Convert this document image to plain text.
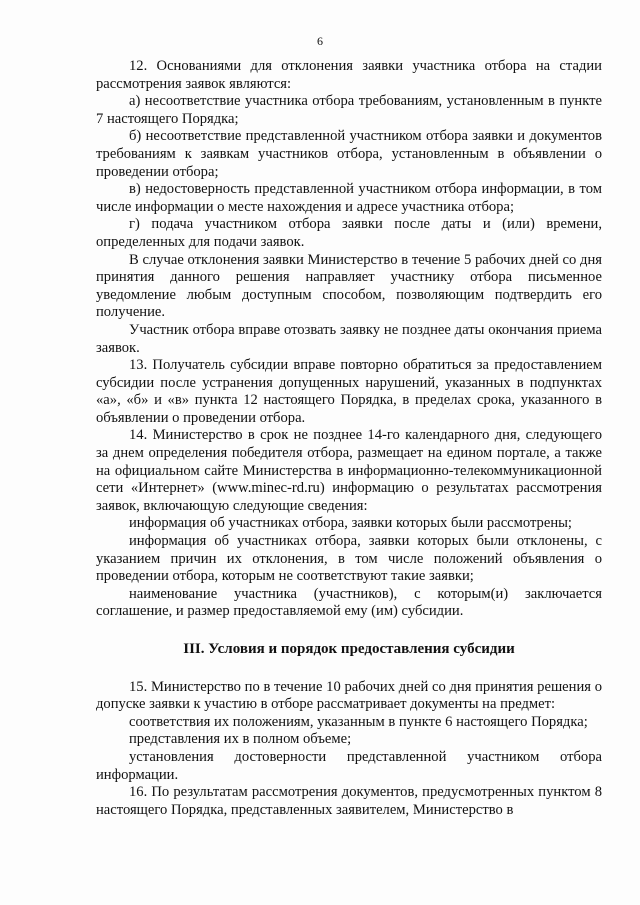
6

12. Основаниями для отклонения заявки участника отбора на стадии рассмотрения заявок являются:

а) несоответствие участника отбора требованиям, установленным в пункте 7 настоящего Порядка;

б) несоответствие представленной участником отбора заявки и документов требованиям к заявкам участников отбора, установленным в объявлении о проведении отбора;

в) недостоверность представленной участником отбора информации, в том числе информации о месте нахождения и адресе участника отбора;

г) подача участником отбора заявки после даты и (или) времени, определенных для подачи заявок.

В случае отклонения заявки Министерство в течение 5 рабочих дней со дня принятия данного решения направляет участнику отбора письменное уведомление любым доступным способом, позволяющим подтвердить его получение.

Участник отбора вправе отозвать заявку не позднее даты окончания приема заявок.

13. Получатель субсидии вправе повторно обратиться за предоставлением субсидии после устранения допущенных нарушений, указанных в подпунктах «а», «б» и «в» пункта 12 настоящего Порядка, в пределах срока, указанного в объявлении о проведении отбора.

14. Министерство в срок не позднее 14-го календарного дня, следующего за днем определения победителя отбора, размещает на едином портале, а также на официальном сайте Министерства в информационно-телекоммуникационной сети «Интернет» (www.minec-rd.ru) информацию о результатах рассмотрения заявок, включающую следующие сведения:

информация об участниках отбора, заявки которых были рассмотрены;

информация об участниках отбора, заявки которых были отклонены, с указанием причин их отклонения, в том числе положений объявления о проведении отбора, которым не соответствуют такие заявки;

наименование участника (участников), с которым(и) заключается соглашение, и размер предоставляемой ему (им) субсидии.

III. Условия и порядок предоставления субсидии

15. Министерство по в течение 10 рабочих дней со дня принятия решения о допуске заявки к участию в отборе рассматривает документы на предмет:

соответствия их положениям, указанным в пункте 6 настоящего Порядка;

представления их в полном объеме;

установления достоверности представленной участником отбора информации.

16. По результатам рассмотрения документов, предусмотренных пунктом 8 настоящего Порядка, представленных заявителем, Министерство в
